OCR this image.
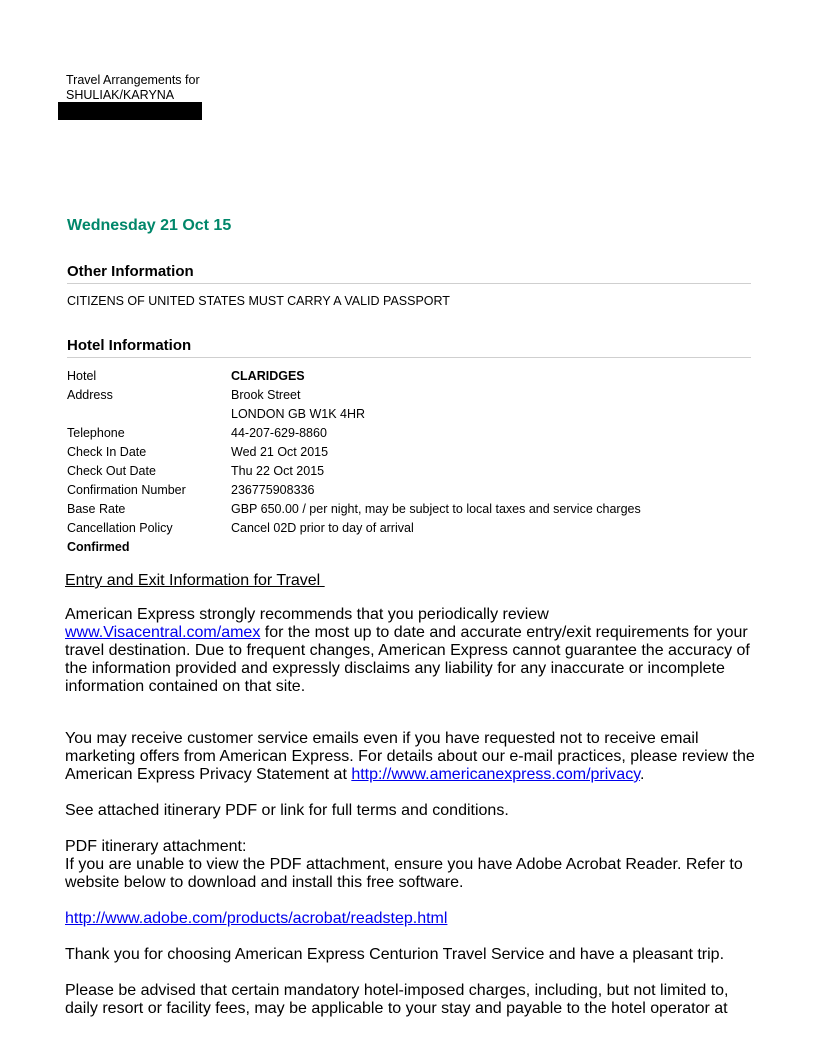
Travel Arrangements for
SHULIAK/KARYNA
Wednesday 21 Oct 15
Other Information
CITIZENS OF UNITED STATES MUST CARRY A VALID PASSPORT
Hotel Information
Hotel	CLARIDGES
Address	Brook Street
	LONDON GB W1K 4HR
Telephone	44-207-629-8860
Check In Date	Wed 21 Oct 2015
Check Out Date	Thu 22 Oct 2015
Confirmation Number	236775908336
Base Rate	GBP 650.00 / per night, may be subject to local taxes and service charges
Cancellation Policy	Cancel 02D prior to day of arrival
Confirmed	
Entry and Exit Information for Travel

American Express strongly recommends that you periodically review
www.Visacentral.com/amex for the most up to date and accurate entry/exit requirements for your travel destination. Due to frequent changes, American Express cannot guarantee the accuracy of the information provided and expressly disclaims any liability for any inaccurate or incomplete information contained on that site.

You may receive customer service emails even if you have requested not to receive email marketing offers from American Express. For details about our e-mail practices, please review the American Express Privacy Statement at http://www.americanexpress.com/privacy.

See attached itinerary PDF or link for full terms and conditions.

PDF itinerary attachment:

If you are unable to view the PDF attachment, ensure you have Adobe Acrobat Reader. Refer to website below to download and install this free software.

http://www.adobe.com/products/acrobat/readstep.html
Thank you for choosing American Express Centurion Travel Service and have a pleasant trip.
Please be advised that certain mandatory hotel-imposed charges, including, but not limited to, daily resort or facility fees, may be applicable to your stay and payable to the hotel operator at
